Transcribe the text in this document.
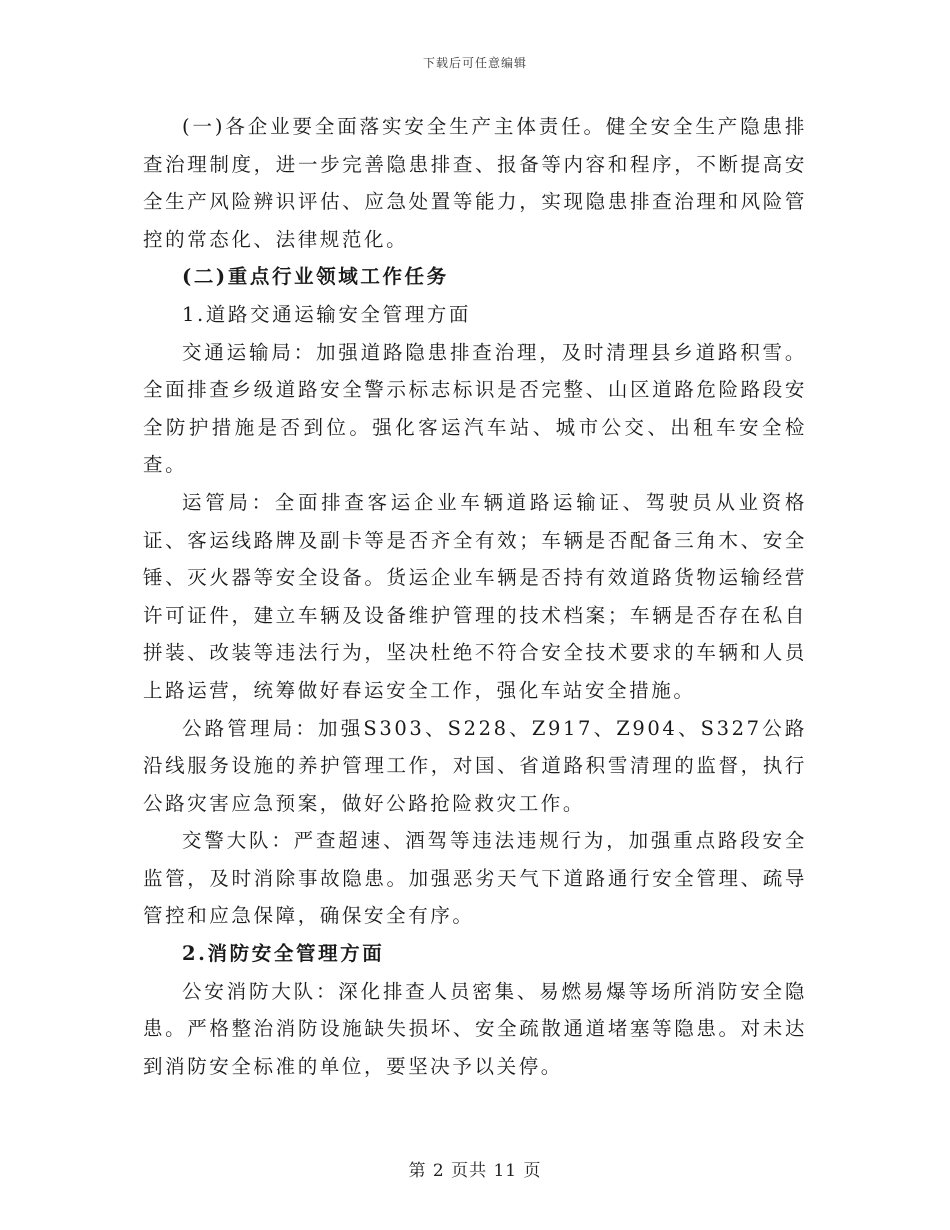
下载后可任意编辑

(一)各企业要全面落实安全生产主体责任。健全安全生产隐患排查治理制度，进一步完善隐患排查、报备等内容和程序，不断提高安全生产风险辨识评估、应急处置等能力，实现隐患排查治理和风险管控的常态化、法律规范化。

(二)重点行业领域工作任务

1.道路交通运输安全管理方面

交通运输局：加强道路隐患排查治理，及时清理县乡道路积雪。全面排查乡级道路安全警示标志标识是否完整、山区道路危险路段安全防护措施是否到位。强化客运汽车站、城市公交、出租车安全检查。

运管局：全面排查客运企业车辆道路运输证、驾驶员从业资格证、客运线路牌及副卡等是否齐全有效；车辆是否配备三角木、安全锤、灭火器等安全设备。货运企业车辆是否持有效道路货物运输经营许可证件，建立车辆及设备维护管理的技术档案；车辆是否存在私自拼装、改装等违法行为，坚决杜绝不符合安全技术要求的车辆和人员上路运营，统筹做好春运安全工作，强化车站安全措施。

公路管理局：加强S303、S228、Z917、Z904、S327公路沿线服务设施的养护管理工作，对国、省道路积雪清理的监督，执行公路灾害应急预案，做好公路抢险救灾工作。

交警大队：严查超速、酒驾等违法违规行为，加强重点路段安全监管，及时消除事故隐患。加强恶劣天气下道路通行安全管理、疏导管控和应急保障，确保安全有序。

2.消防安全管理方面

公安消防大队：深化排查人员密集、易燃易爆等场所消防安全隐患。严格整治消防设施缺失损坏、安全疏散通道堵塞等隐患。对未达到消防安全标准的单位，要坚决予以关停。

第 2 页共 11 页
